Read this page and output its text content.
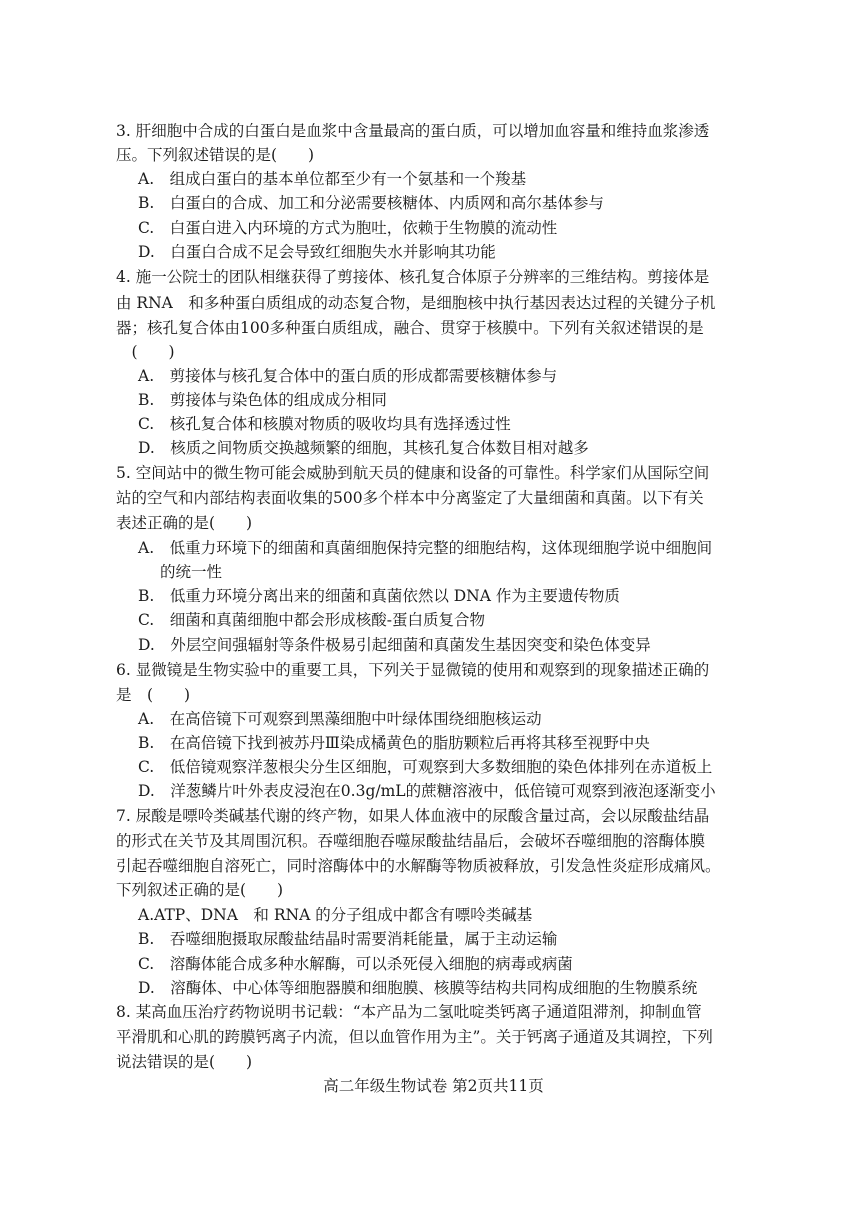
3. 肝细胞中合成的白蛋白是血浆中含量最高的蛋白质，可以增加血容量和维持血浆渗透
压。下列叙述错误的是(　　)
A.　组成白蛋白的基本单位都至少有一个氨基和一个羧基
B.　白蛋白的合成、加工和分泌需要核糖体、内质网和高尔基体参与
C.　白蛋白进入内环境的方式为胞吐，依赖于生物膜的流动性
D.　白蛋白合成不足会导致红细胞失水并影响其功能
4. 施一公院士的团队相继获得了剪接体、核孔复合体原子分辨率的三维结构。剪接体是
由 RNA　和多种蛋白质组成的动态复合物，是细胞核中执行基因表达过程的关键分子机
器；核孔复合体由100多种蛋白质组成，融合、贯穿于核膜中。下列有关叙述错误的是
　(　　)
A.　剪接体与核孔复合体中的蛋白质的形成都需要核糖体参与
B.　剪接体与染色体的组成成分相同
C.　核孔复合体和核膜对物质的吸收均具有选择透过性
D.　核质之间物质交换越频繁的细胞，其核孔复合体数目相对越多
5. 空间站中的微生物可能会威胁到航天员的健康和设备的可靠性。科学家们从国际空间
站的空气和内部结构表面收集的500多个样本中分离鉴定了大量细菌和真菌。以下有关
表述正确的是(　　)
A.　低重力环境下的细菌和真菌细胞保持完整的细胞结构，这体现细胞学说中细胞间
的统一性
B.　低重力环境分离出来的细菌和真菌依然以 DNA 作为主要遗传物质
C.　细菌和真菌细胞中都会形成核酸-蛋白质复合物
D.　外层空间强辐射等条件极易引起细菌和真菌发生基因突变和染色体变异
6. 显微镜是生物实验中的重要工具，下列关于显微镜的使用和观察到的现象描述正确的
是　(　　)
A.　在高倍镜下可观察到黑藻细胞中叶绿体围绕细胞核运动
B.　在高倍镜下找到被苏丹Ⅲ染成橘黄色的脂肪颗粒后再将其移至视野中央
C.　低倍镜观察洋葱根尖分生区细胞，可观察到大多数细胞的染色体排列在赤道板上
D.　洋葱鳞片叶外表皮浸泡在0.3g/mL的蔗糖溶液中，低倍镜可观察到液泡逐渐变小
7. 尿酸是嘌呤类碱基代谢的终产物，如果人体血液中的尿酸含量过高，会以尿酸盐结晶
的形式在关节及其周围沉积。吞噬细胞吞噬尿酸盐结晶后，会破坏吞噬细胞的溶酶体膜
引起吞噬细胞自溶死亡，同时溶酶体中的水解酶等物质被释放，引发急性炎症形成痛风。
下列叙述正确的是(　　)
A.ATP、DNA　和 RNA 的分子组成中都含有嘌呤类碱基
B.　吞噬细胞摄取尿酸盐结晶时需要消耗能量，属于主动运输
C.　溶酶体能合成多种水解酶，可以杀死侵入细胞的病毒或病菌
D.　溶酶体、中心体等细胞器膜和细胞膜、核膜等结构共同构成细胞的生物膜系统
8. 某高血压治疗药物说明书记载：“本产品为二氢吡啶类钙离子通道阻滞剂，抑制血管
平滑肌和心肌的跨膜钙离子内流，但以血管作用为主”。关于钙离子通道及其调控，下列
说法错误的是(　　)
高二年级生物试卷 第2页共11页
